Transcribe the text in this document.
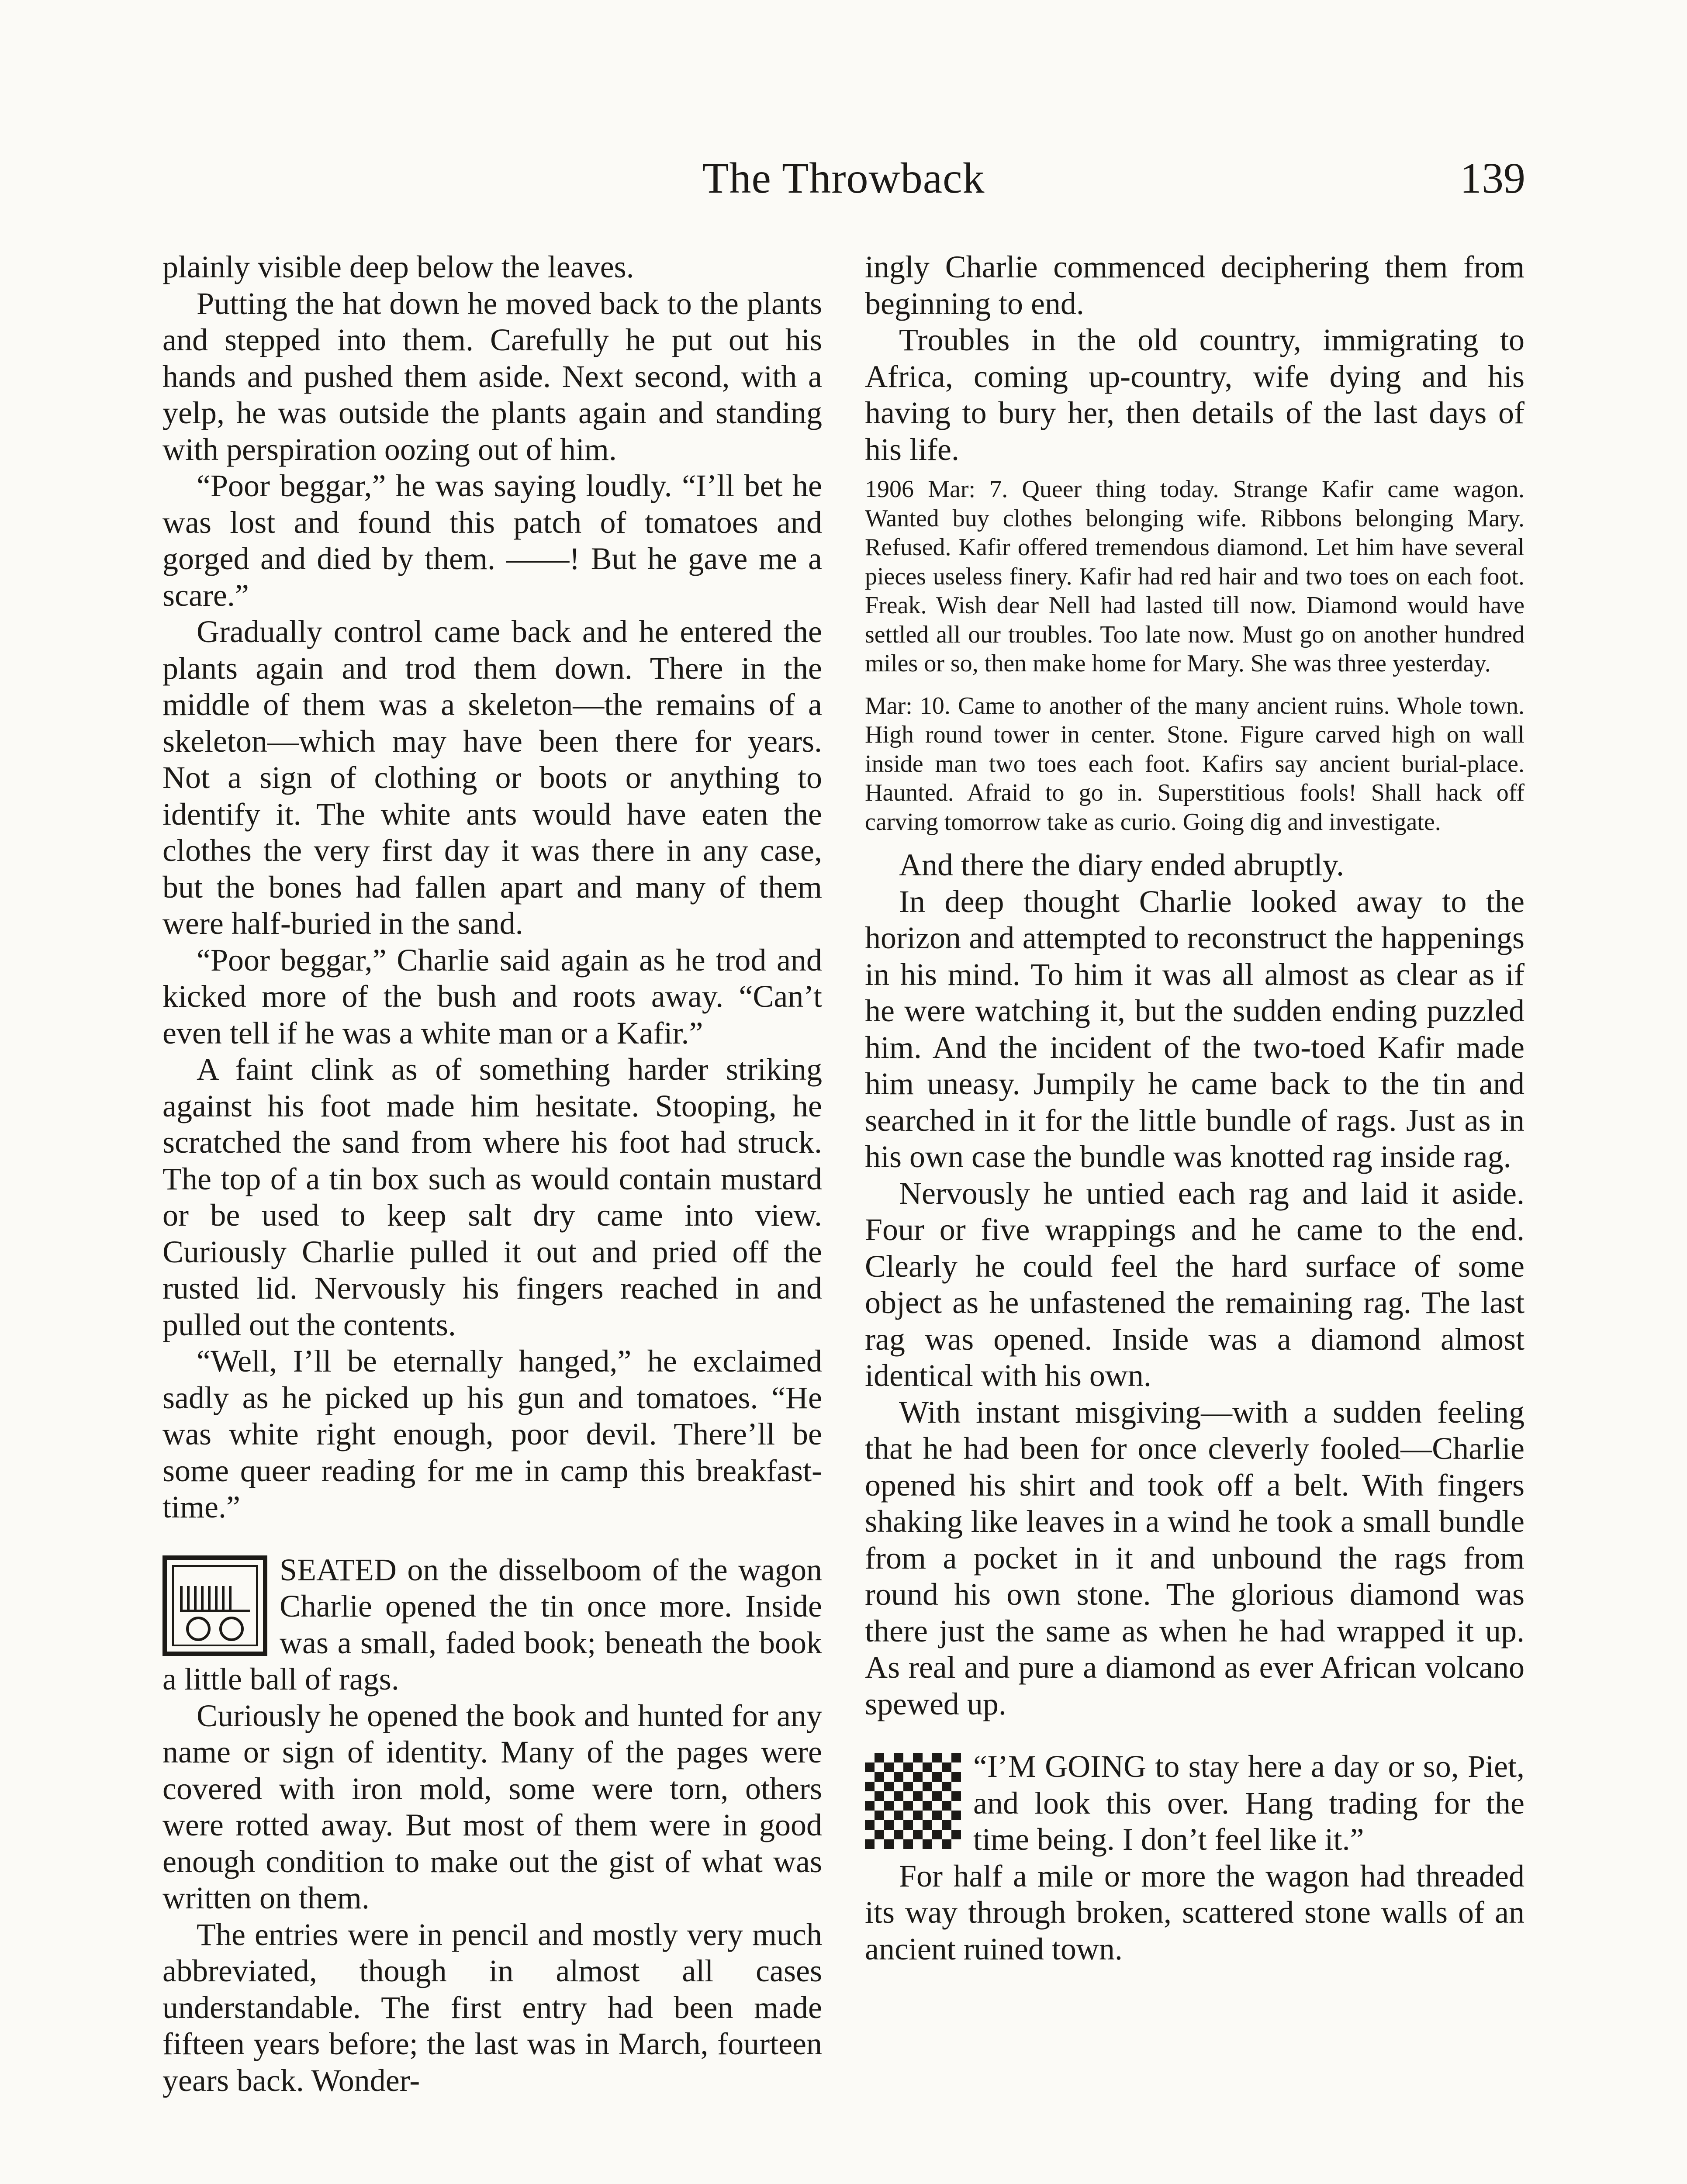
The Throwback	139

plainly visible deep below the leaves.

Putting the hat down he moved back to the plants and stepped into them. Carefully he put out his hands and pushed them aside. Next second, with a yelp, he was outside the plants again and standing with perspiration oozing out of him.

“Poor beggar,” he was saying loudly. “I’ll bet he was lost and found this patch of tomatoes and gorged and died by them. ——! But he gave me a scare.”

Gradually control came back and he entered the plants again and trod them down. There in the middle of them was a skeleton—the remains of a skeleton—which may have been there for years. Not a sign of clothing or boots or anything to identify it. The white ants would have eaten the clothes the very first day it was there in any case, but the bones had fallen apart and many of them were half-buried in the sand.

“Poor beggar,” Charlie said again as he trod and kicked more of the bush and roots away. “Can’t even tell if he was a white man or a Kafir.”

A faint clink as of something harder striking against his foot made him hesitate. Stooping, he scratched the sand from where his foot had struck. The top of a tin box such as would contain mustard or be used to keep salt dry came into view. Curiously Charlie pulled it out and pried off the rusted lid. Nervously his fingers reached in and pulled out the contents.

“Well, I’ll be eternally hanged,” he exclaimed sadly as he picked up his gun and tomatoes. “He was white right enough, poor devil. There’ll be some queer reading for me in camp this breakfast-time.”

SEATED on the disselboom of the wagon Charlie opened the tin once more. Inside was a small, faded book; beneath the book a little ball of rags.

Curiously he opened the book and hunted for any name or sign of identity. Many of the pages were covered with iron mold, some were torn, others were rotted away. But most of them were in good enough condition to make out the gist of what was written on them.

The entries were in pencil and mostly very much abbreviated, though in almost all cases understandable. The first entry had been made fifteen years before; the last was in March, fourteen years back. Wonder-

ingly Charlie commenced deciphering them from beginning to end.

Troubles in the old country, immigrating to Africa, coming up-country, wife dying and his having to bury her, then details of the last days of his life.

1906 Mar: 7. Queer thing today. Strange Kafir came wagon. Wanted buy clothes belonging wife. Ribbons belonging Mary. Refused. Kafir offered tremendous diamond. Let him have several pieces useless finery. Kafir had red hair and two toes on each foot. Freak. Wish dear Nell had lasted till now. Diamond would have settled all our troubles. Too late now. Must go on another hundred miles or so, then make home for Mary. She was three yesterday.

Mar: 10. Came to another of the many ancient ruins. Whole town. High round tower in center. Stone. Figure carved high on wall inside man two toes each foot. Kafirs say ancient burial-place. Haunted. Afraid to go in. Superstitious fools! Shall hack off carving tomorrow take as curio. Going dig and investigate.

And there the diary ended abruptly.

In deep thought Charlie looked away to the horizon and attempted to reconstruct the happenings in his mind. To him it was all almost as clear as if he were watching it, but the sudden ending puzzled him. And the incident of the two-toed Kafir made him uneasy. Jumpily he came back to the tin and searched in it for the little bundle of rags. Just as in his own case the bundle was knotted rag inside rag.

Nervously he untied each rag and laid it aside. Four or five wrappings and he came to the end. Clearly he could feel the hard surface of some object as he unfastened the remaining rag. The last rag was opened. Inside was a diamond almost identical with his own.

With instant misgiving—with a sudden feeling that he had been for once cleverly fooled—Charlie opened his shirt and took off a belt. With fingers shaking like leaves in a wind he took a small bundle from a pocket in it and unbound the rags from round his own stone. The glorious diamond was there just the same as when he had wrapped it up. As real and pure a diamond as ever African volcano spewed up.

“I’M GOING to stay here a day or so, Piet, and look this over. Hang trading for the time being. I don’t feel like it.”

For half a mile or more the wagon had threaded its way through broken, scattered stone walls of an ancient ruined town.
